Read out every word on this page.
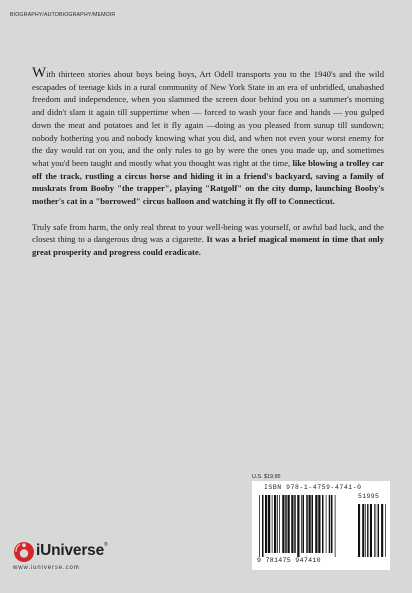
BIOGRAPHY/AUTOBIOGRAPHY/MEMOIR

With thirteen stories about boys being boys, Art Odell transports you to the 1940's and the wild escapades of teenage kids in a rural community of New York State in an era of unbridled, unabashed freedom and independence, when you slammed the screen door behind you on a summer's morning and didn't slam it again till suppertime when — forced to wash your face and hands — you gulped down the meat and potatoes and let it fly again —doing as you pleased from sunup till sundown; nobody bothering you and nobody knowing what you did, and when not even your worst enemy for the day would rat on you, and the only rules to go by were the ones you made up, and sometimes what you'd been taught and mostly what you thought was right at the time, like blowing a trolley car off the track, rustling a circus horse and hiding it in a friend's backyard, saving a family of muskrats from Booby "the trapper", playing "Ratgolf" on the city dump, launching Booby's mother's cat in a "borrowed" circus balloon and watching it fly off to Connecticut.

Truly safe from harm, the only real threat to your well-being was yourself, or awful bad luck, and the closest thing to a dangerous drug was a cigarette. It was a brief magical moment in time that only great prosperity and progress could eradicate.

U.S. $19.95
ISBN 978-1-4759-4741-0
51995
9 781475 947410
iUniverse®
www.iuniverse.com
